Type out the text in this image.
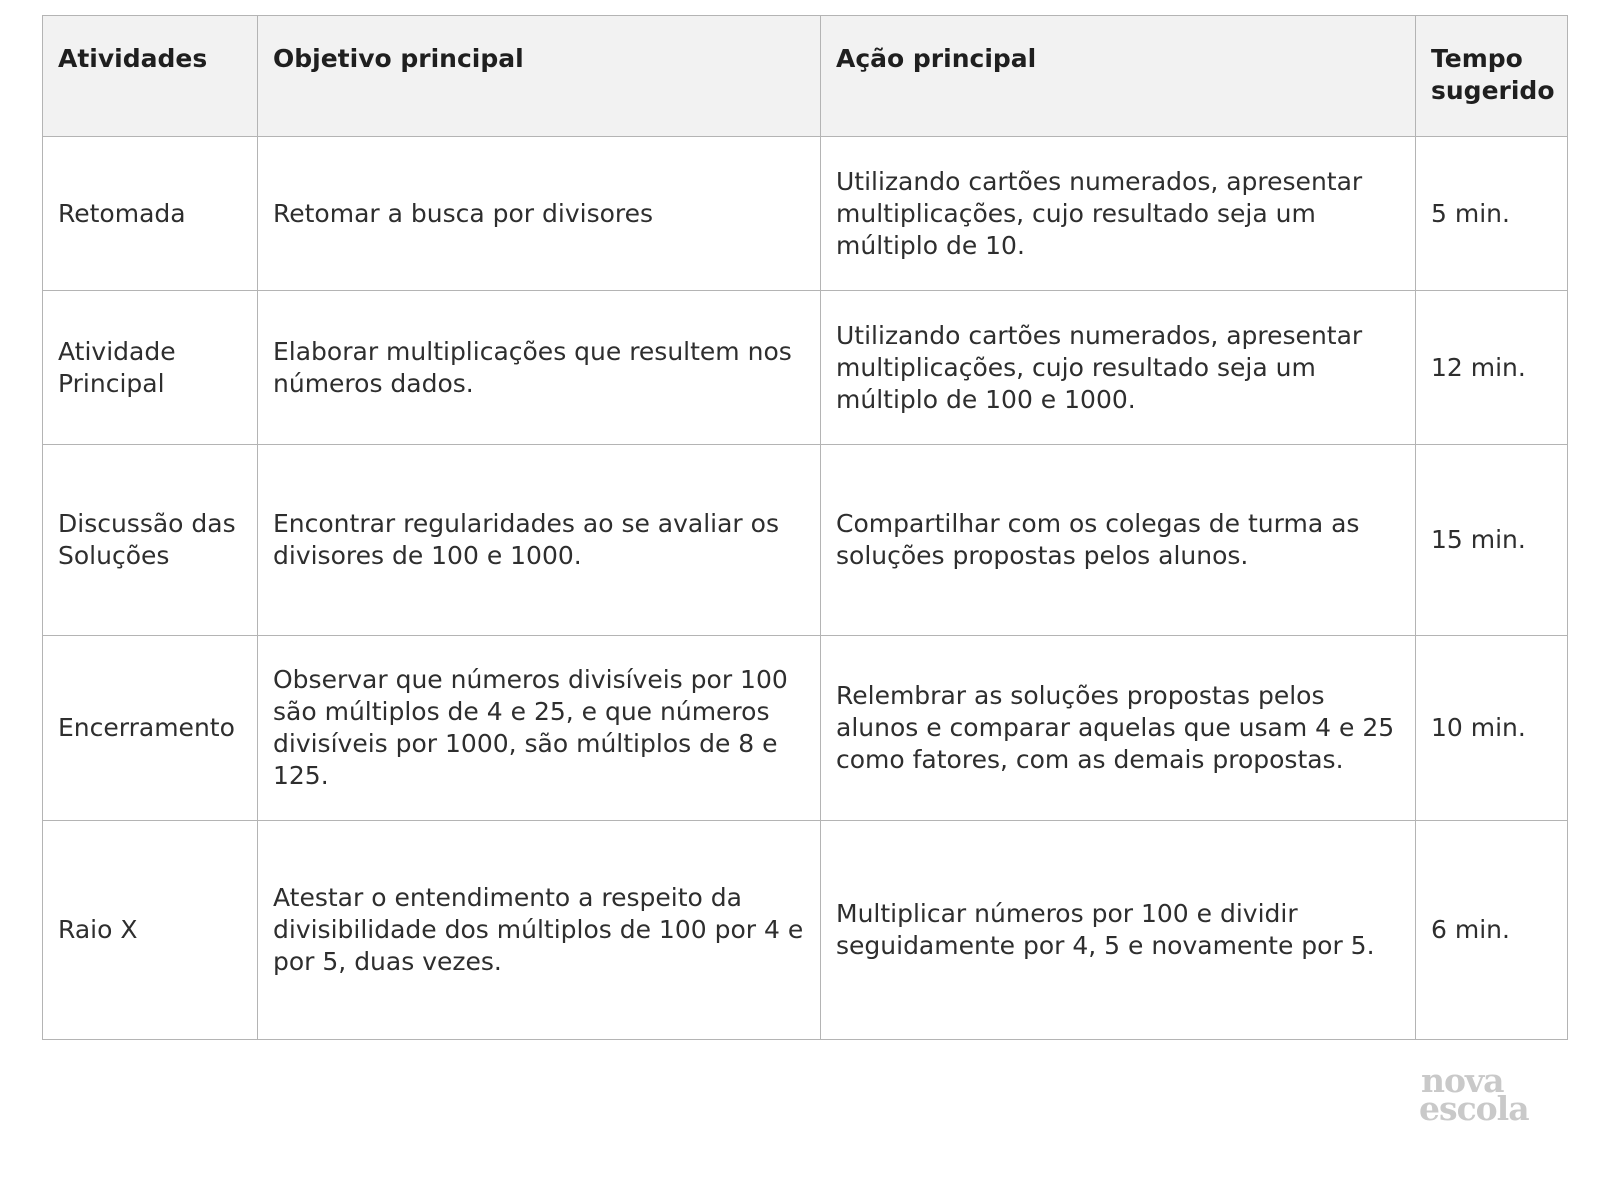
Atividades	Objetivo principal	Ação principal	Tempo sugerido
Retomada	Retomar a busca por divisores	Utilizando cartões numerados, apresentar multiplicações, cujo resultado seja um múltiplo de 10.	5 min.
Atividade Principal	Elaborar multiplicações que resultem nos números dados.	Utilizando cartões numerados, apresentar multiplicações, cujo resultado seja um múltiplo de 100 e 1000.	12 min.
Discussão das Soluções	Encontrar regularidades ao se avaliar os divisores de 100 e 1000.	Compartilhar com os colegas de turma as soluções propostas pelos alunos.	15 min.
Encerramento	Observar que números divisíveis por 100 são múltiplos de 4 e 25, e que números divisíveis por 1000, são múltiplos de 8 e 125.	Relembrar as soluções propostas pelos alunos e comparar aquelas que usam 4 e 25 como fatores, com as demais propostas.	10 min.
Raio X	Atestar o entendimento a respeito da divisibilidade dos múltiplos de 100 por 4 e por 5, duas vezes.	Multiplicar números por 100 e dividir seguidamente por 4, 5 e novamente por 5.	6 min.
nova
escola
